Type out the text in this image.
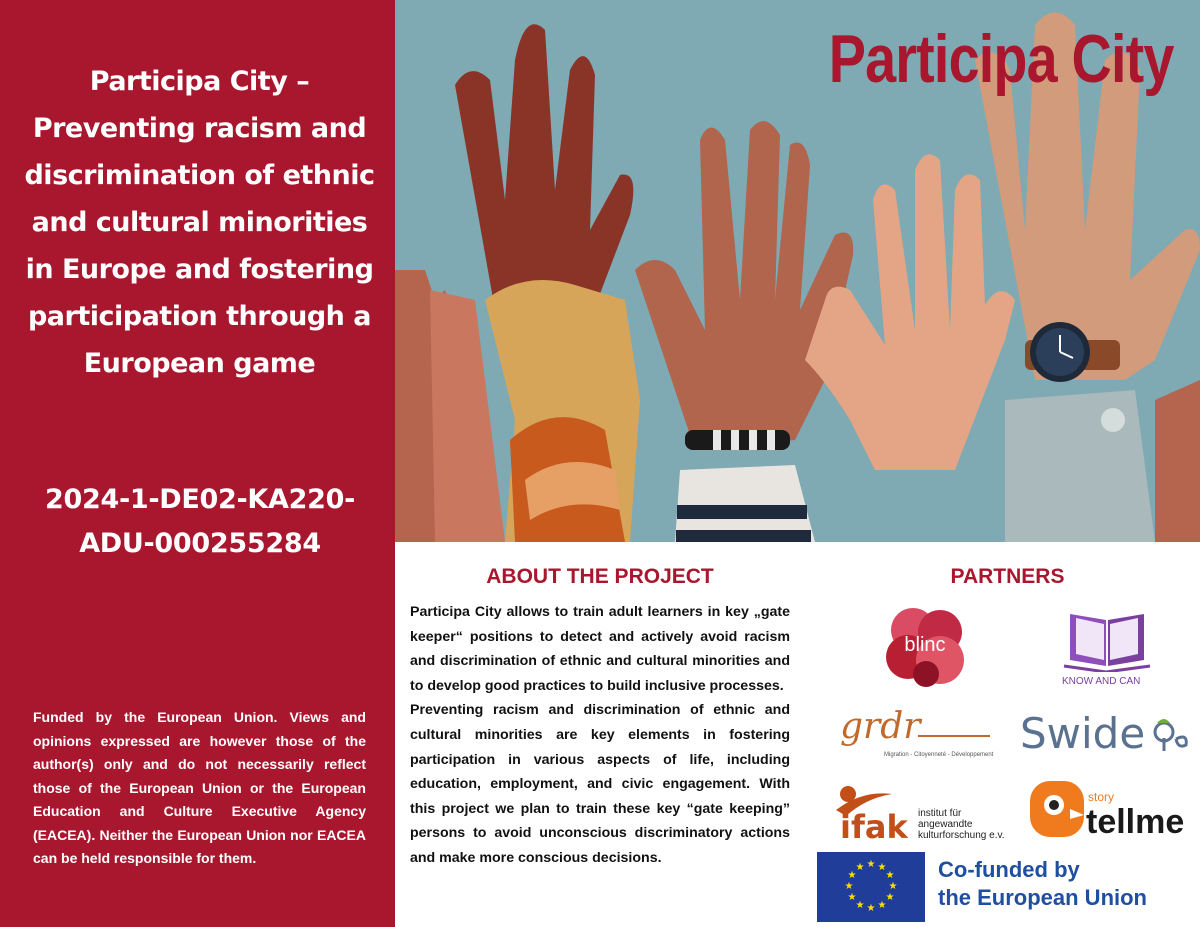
Participa City – Preventing racism and discrimination of ethnic and cultural minorities in Europe and fostering participation through a European game
2024-1-DE02-KA220-ADU-000255284
Funded by the European Union. Views and opinions expressed are however those of the author(s) only and do not necessarily reflect those of the European Union or the European Education and Culture Executive Agency (EACEA). Neither the European Union nor EACEA can be held responsible for them.
Participa City
ABOUT THE PROJECT

Participa City allows to train adult learners in key „gate keeper“ positions to detect and actively avoid racism and discrimination of ethnic and cultural minorities and to develop good practices to build inclusive processes.

Preventing racism and discrimination of ethnic and cultural minorities are key elements in fostering participation in various aspects of life, including education, employment, and civic engagement. With this project we plan to train these key “gate keeping” persons to avoid unconscious discriminatory actions and make more conscious decisions.

PARTNERS
blinc
KNOW AND CAN
grdr
Migration - Citoyenneté - Développement Swide
ifak institut für
angewandte
kulturforschung e.v.
story
tellme
★ ★
★
★
★
★
★
★
★
★
★
★	Co-funded by
the European Union
